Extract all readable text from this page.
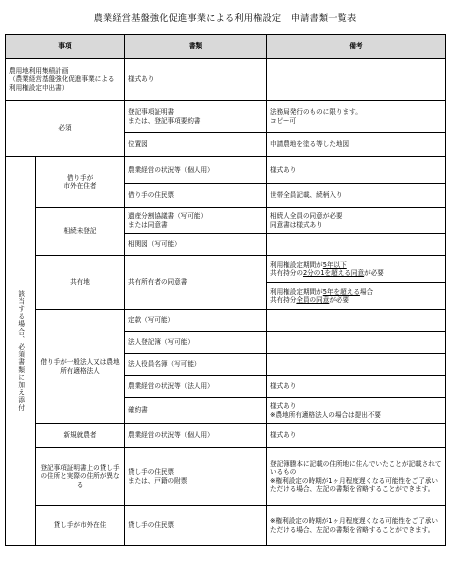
農業経営基盤強化促進事業による利用権設定　申請書類一覧表
事項		書類	備考
農用地利用集積計画
（農業経営基盤強化促進事業による利用権設定申出書）		様式あり	
必須		登記事項証明書
または、登記事項要約書	法務局発行のものに限ります。
コピー可
		位置図	申請農地を塗る等した地図
該当する場合、必須書類に加え添付	借り手が
市外在住者	農業経営の状況等（個人用）	様式あり
		借り手の住民票	世帯全員記載、続柄入り
	相続未登記	遺産分割協議書（写可能）
または同意書	相続人全員の同意が必要
同意書は様式あり
		相関図（写可能）	
	共有地	共有所有者の同意書	利用権設定期間が5年以下
共有持分の2分の1を超える同意が必要
			利用権設定期間が5年を超える場合
共有持分全員の同意が必要
	借り手が一般法人又は農地所有適格法人	定款（写可能）	
		法人登記簿（写可能）	
		法人役員名簿（写可能）	
		農業経営の状況等（法人用）	様式あり
		確約書	様式あり
※農地所有適格法人の場合は提出不要
	新規就農者	農業経営の状況等（個人用）	様式あり
	登記事項証明書上の貸し手の住所と実際の住所が異なる	貸し手の住民票
または、戸籍の附票	登記簿謄本に記載の住所地に住んでいたことが記載されているもの
※権利設定の時期が1ヶ月程度遅くなる可能性をご了承いただける場合、左記の書類を省略することができます。
	貸し手が市外在住	貸し手の住民票	※権利設定の時期が1ヶ月程度遅くなる可能性をご了承いただける場合、左記の書類を省略することができます。
